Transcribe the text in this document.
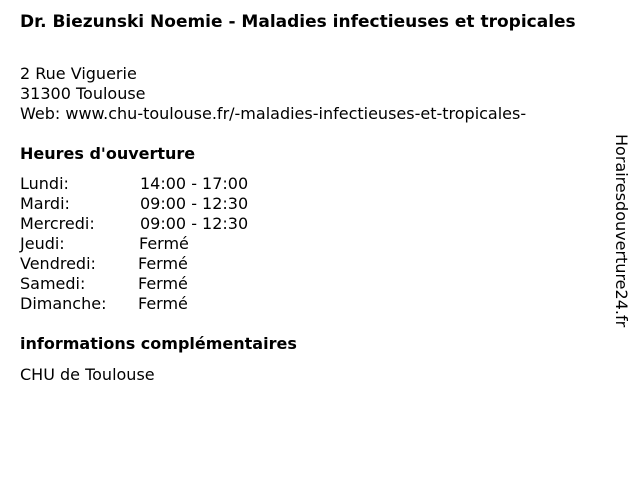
Dr. Biezunski Noemie - Maladies infectieuses et tropicales
2 Rue Viguerie
31300 Toulouse
Web: www.chu-toulouse.fr/-maladies-infectieuses-et-tropicales-
Heures d'ouverture
Lundi:	14:00 - 17:00
Mardi:	09:00 - 12:30
Mercredi:	09:00 - 12:30
Jeudi:	Fermé
Vendredi:	Fermé
Samedi:	Fermé
Dimanche: Fermé
informations complémentaires
CHU de Toulouse
Horairesdouverture24.fr
